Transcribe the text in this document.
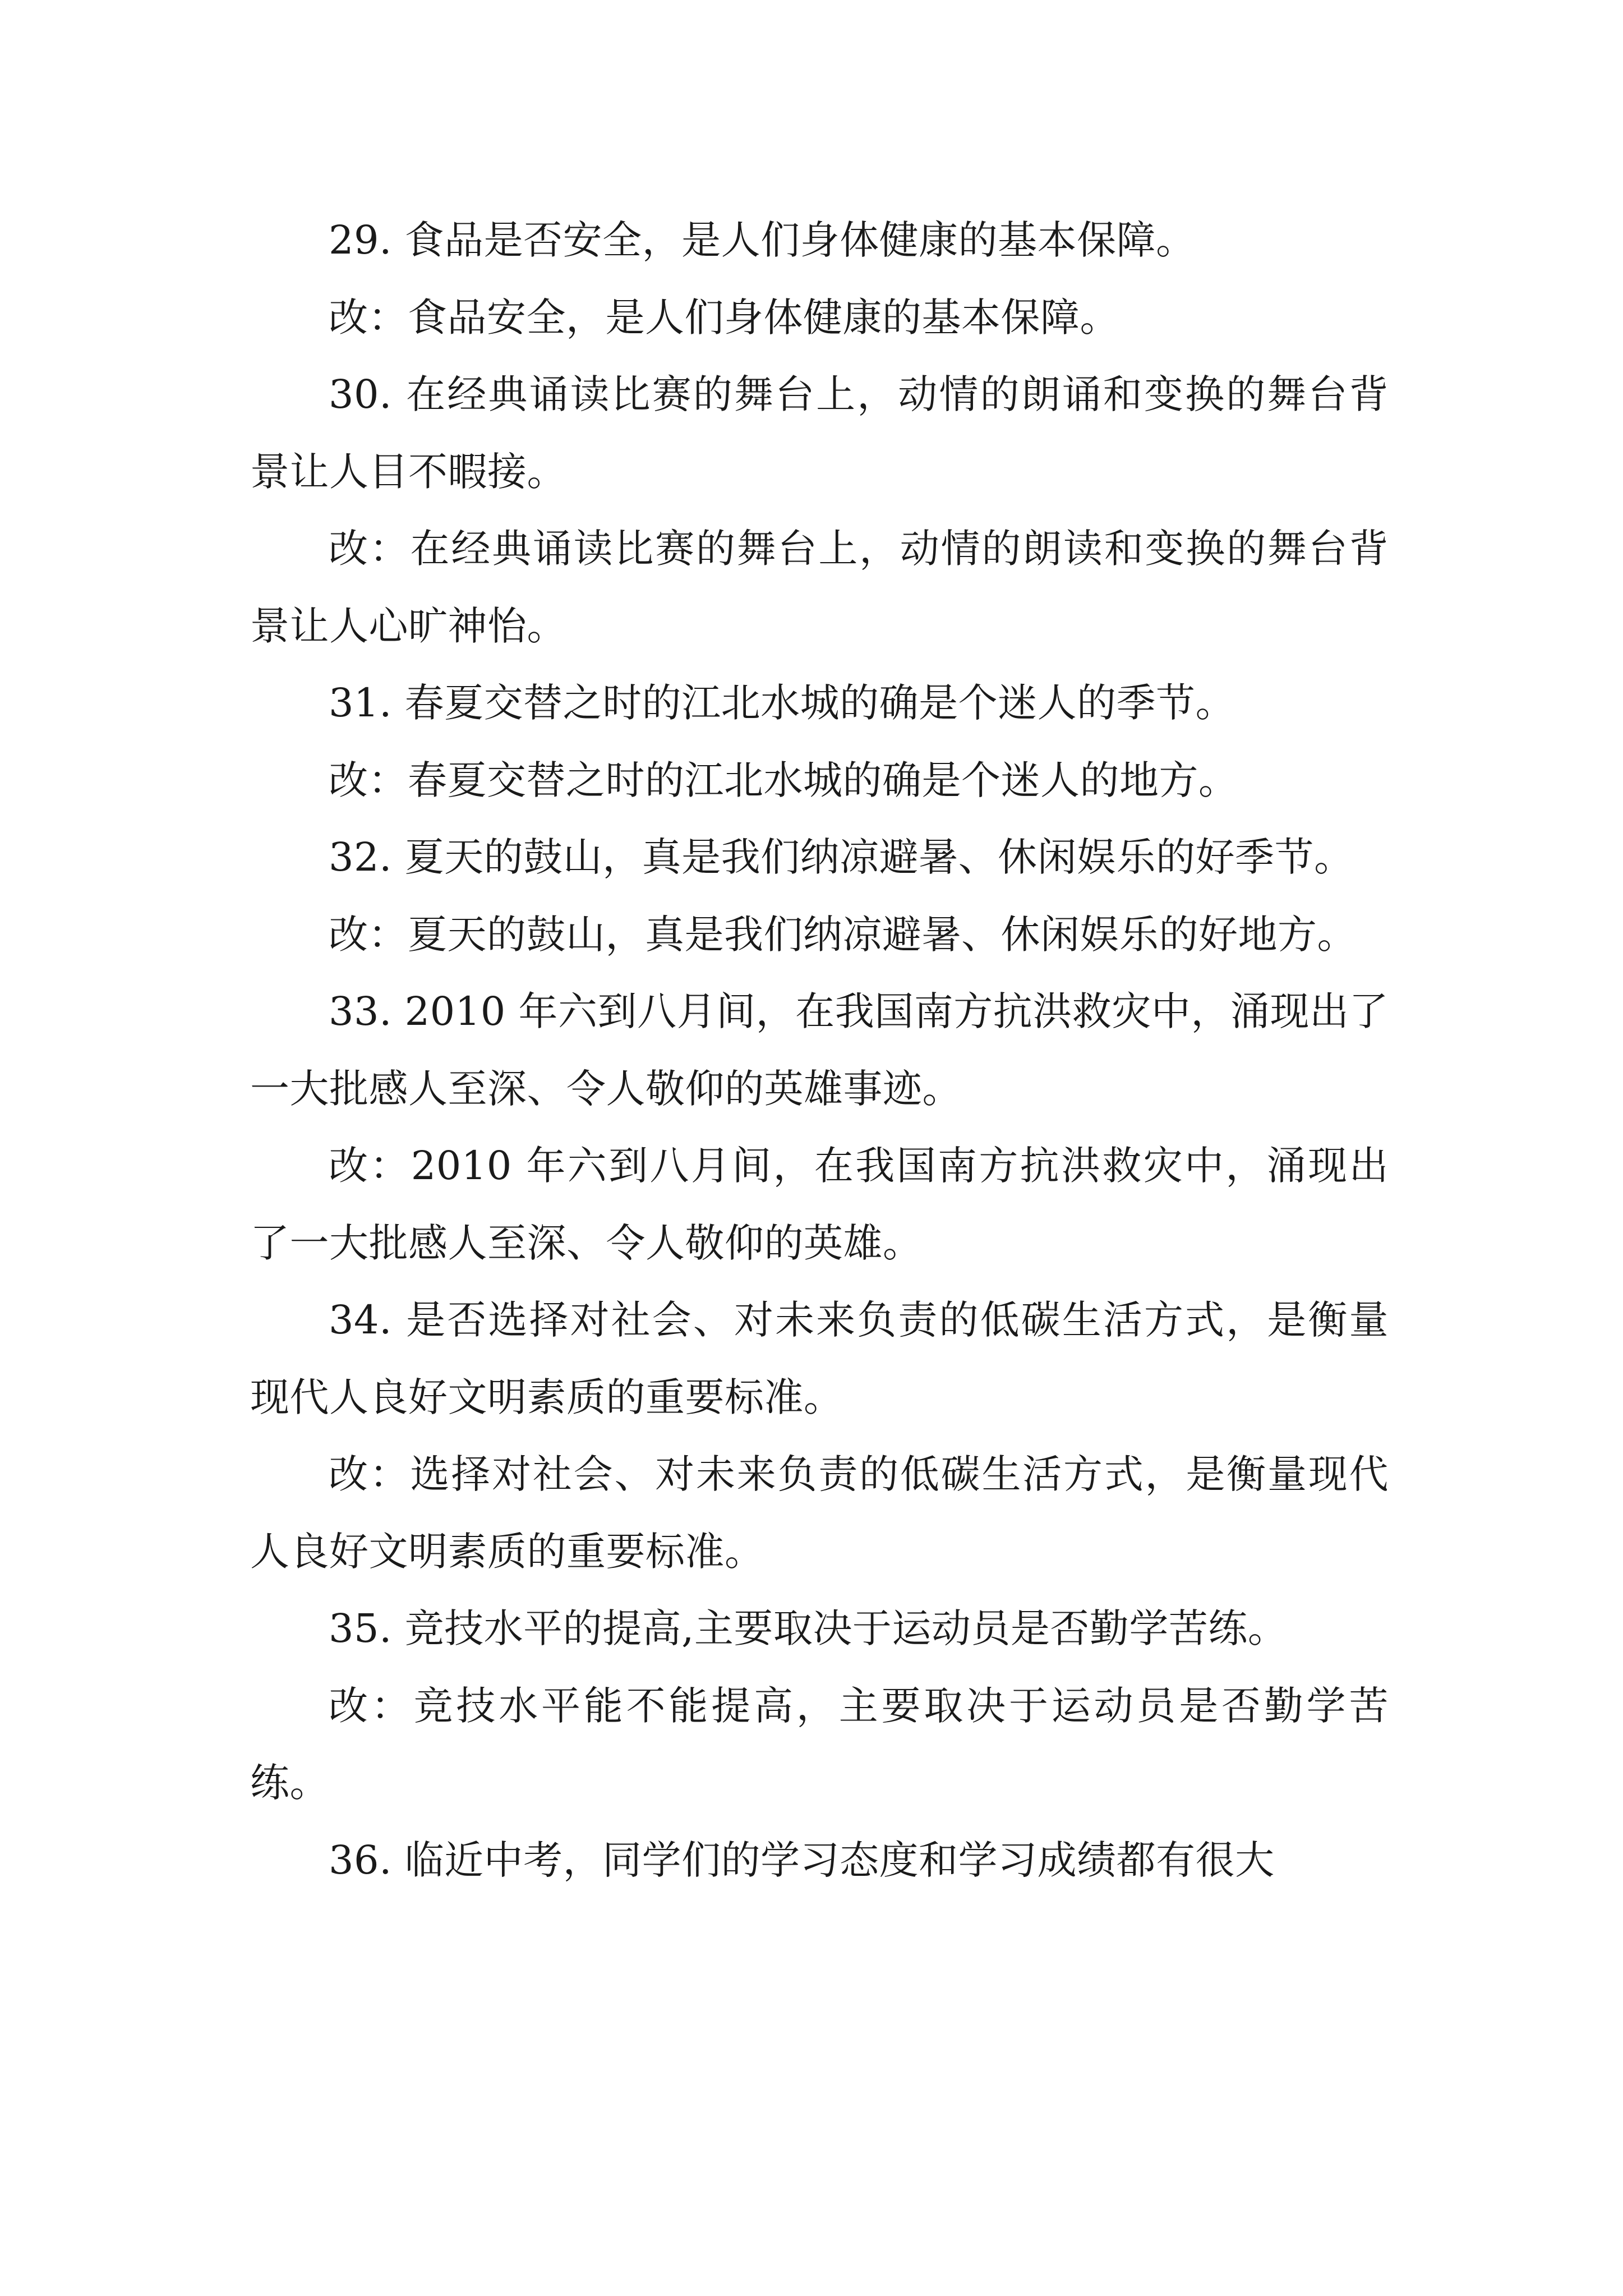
29. 食品是否安全，是人们身体健康的基本保障。

改：食品安全，是人们身体健康的基本保障。

30. 在经典诵读比赛的舞台上，动情的朗诵和变换的舞台背景让人目不暇接。

改：在经典诵读比赛的舞台上，动情的朗读和变换的舞台背景让人心旷神怡。

31. 春夏交替之时的江北水城的确是个迷人的季节。

改：春夏交替之时的江北水城的确是个迷人的地方。

32. 夏天的鼓山，真是我们纳凉避暑、休闲娱乐的好季节。

改：夏天的鼓山，真是我们纳凉避暑、休闲娱乐的好地方。

33. 2010 年六到八月间，在我国南方抗洪救灾中，涌现出了一大批感人至深、令人敬仰的英雄事迹。

改：2010 年六到八月间，在我国南方抗洪救灾中，涌现出了一大批感人至深、令人敬仰的英雄。

34. 是否选择对社会、对未来负责的低碳生活方式，是衡量现代人良好文明素质的重要标准。

改：选择对社会、对未来负责的低碳生活方式，是衡量现代人良好文明素质的重要标准。

35. 竞技水平的提高,主要取决于运动员是否勤学苦练。

改：竞技水平能不能提高，主要取决于运动员是否勤学苦练。

36. 临近中考，同学们的学习态度和学习成绩都有很大
